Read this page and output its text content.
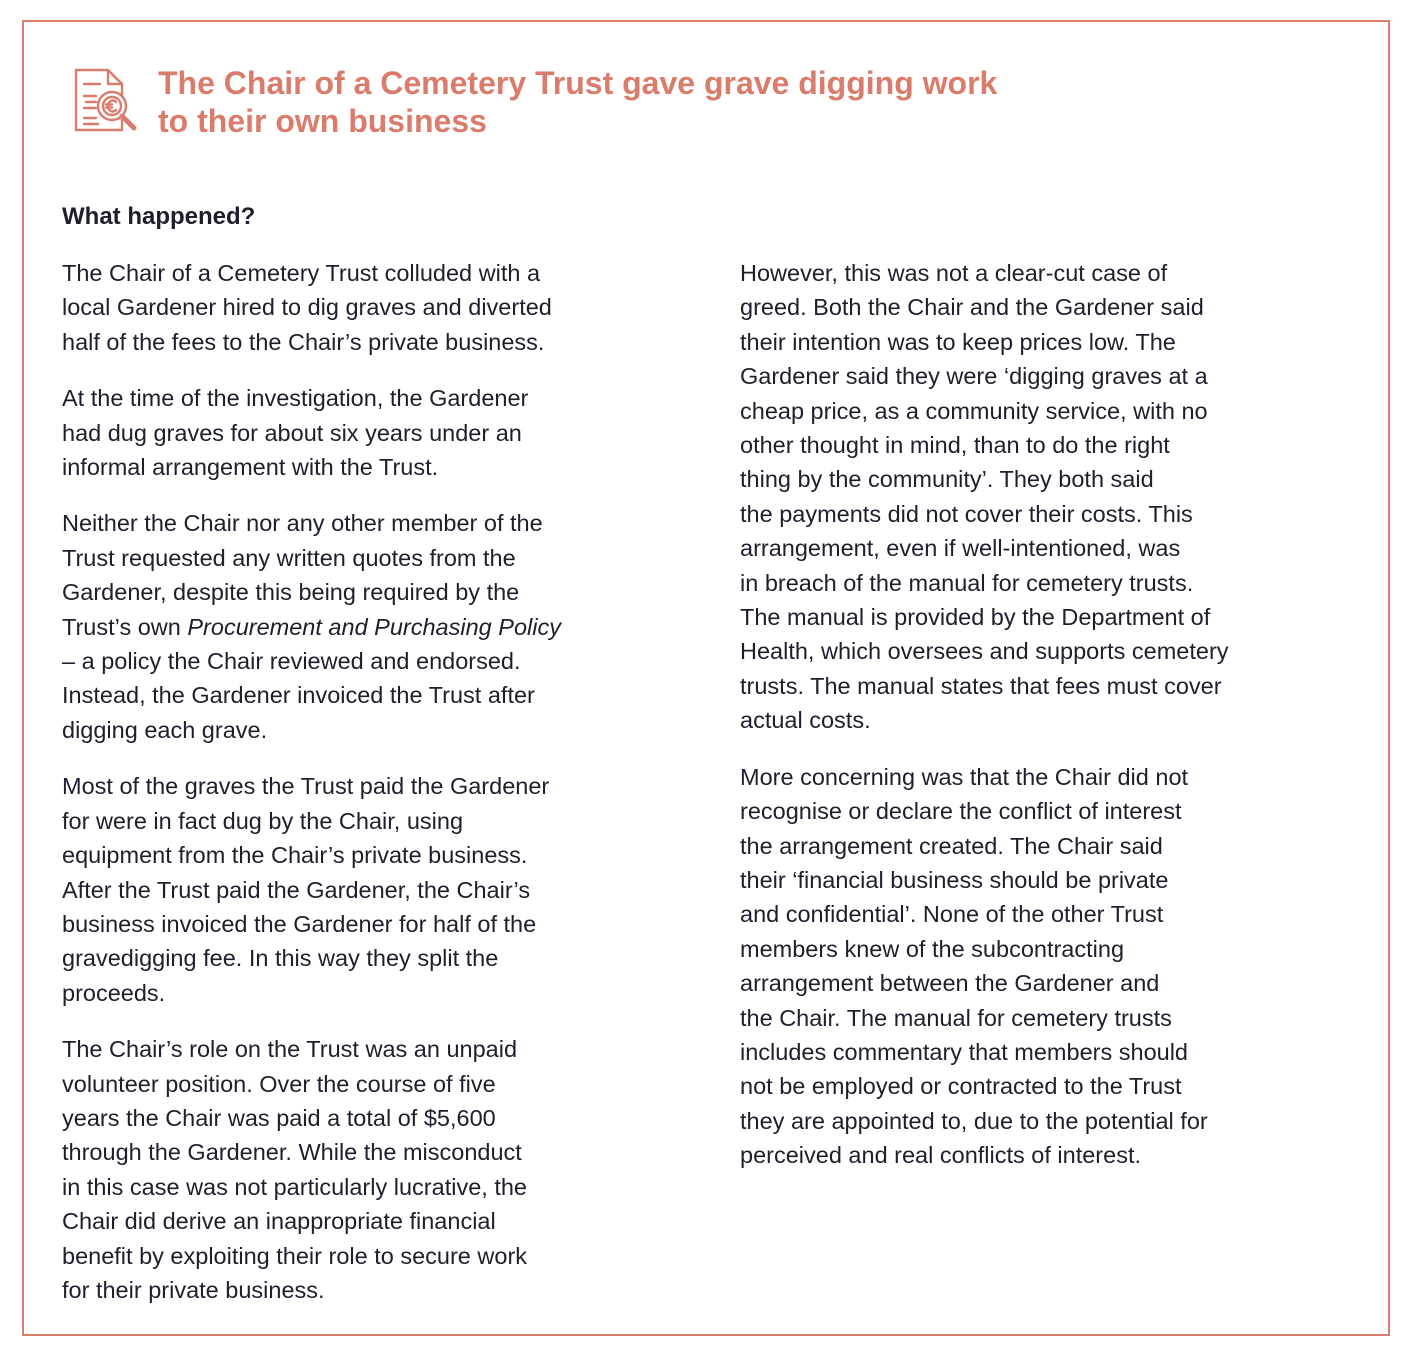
The Chair of a Cemetery Trust gave grave digging work
to their own business
What happened?

The Chair of a Cemetery Trust colluded with a
local Gardener hired to dig graves and diverted
half of the fees to the Chair’s private business.

At the time of the investigation, the Gardener
had dug graves for about six years under an
informal arrangement with the Trust.

Neither the Chair nor any other member of the
Trust requested any written quotes from the
Gardener, despite this being required by the
Trust’s own Procurement and Purchasing Policy
– a policy the Chair reviewed and endorsed.
Instead, the Gardener invoiced the Trust after
digging each grave.

Most of the graves the Trust paid the Gardener
for were in fact dug by the Chair, using
equipment from the Chair’s private business.
After the Trust paid the Gardener, the Chair’s
business invoiced the Gardener for half of the
gravedigging fee. In this way they split the
proceeds.

The Chair’s role on the Trust was an unpaid
volunteer position. Over the course of five
years the Chair was paid a total of $5,600
through the Gardener. While the misconduct
in this case was not particularly lucrative, the
Chair did derive an inappropriate financial
benefit by exploiting their role to secure work
for their private business.

However, this was not a clear-cut case of
greed. Both the Chair and the Gardener said
their intention was to keep prices low. The
Gardener said they were ‘digging graves at a
cheap price, as a community service, with no
other thought in mind, than to do the right
thing by the community’. They both said
the payments did not cover their costs. This
arrangement, even if well-intentioned, was
in breach of the manual for cemetery trusts.
The manual is provided by the Department of
Health, which oversees and supports cemetery
trusts. The manual states that fees must cover
actual costs.

More concerning was that the Chair did not
recognise or declare the conflict of interest
the arrangement created. The Chair said
their ‘financial business should be private
and confidential’. None of the other Trust
members knew of the subcontracting
arrangement between the Gardener and
the Chair. The manual for cemetery trusts
includes commentary that members should
not be employed or contracted to the Trust
they are appointed to, due to the potential for
perceived and real conflicts of interest.
